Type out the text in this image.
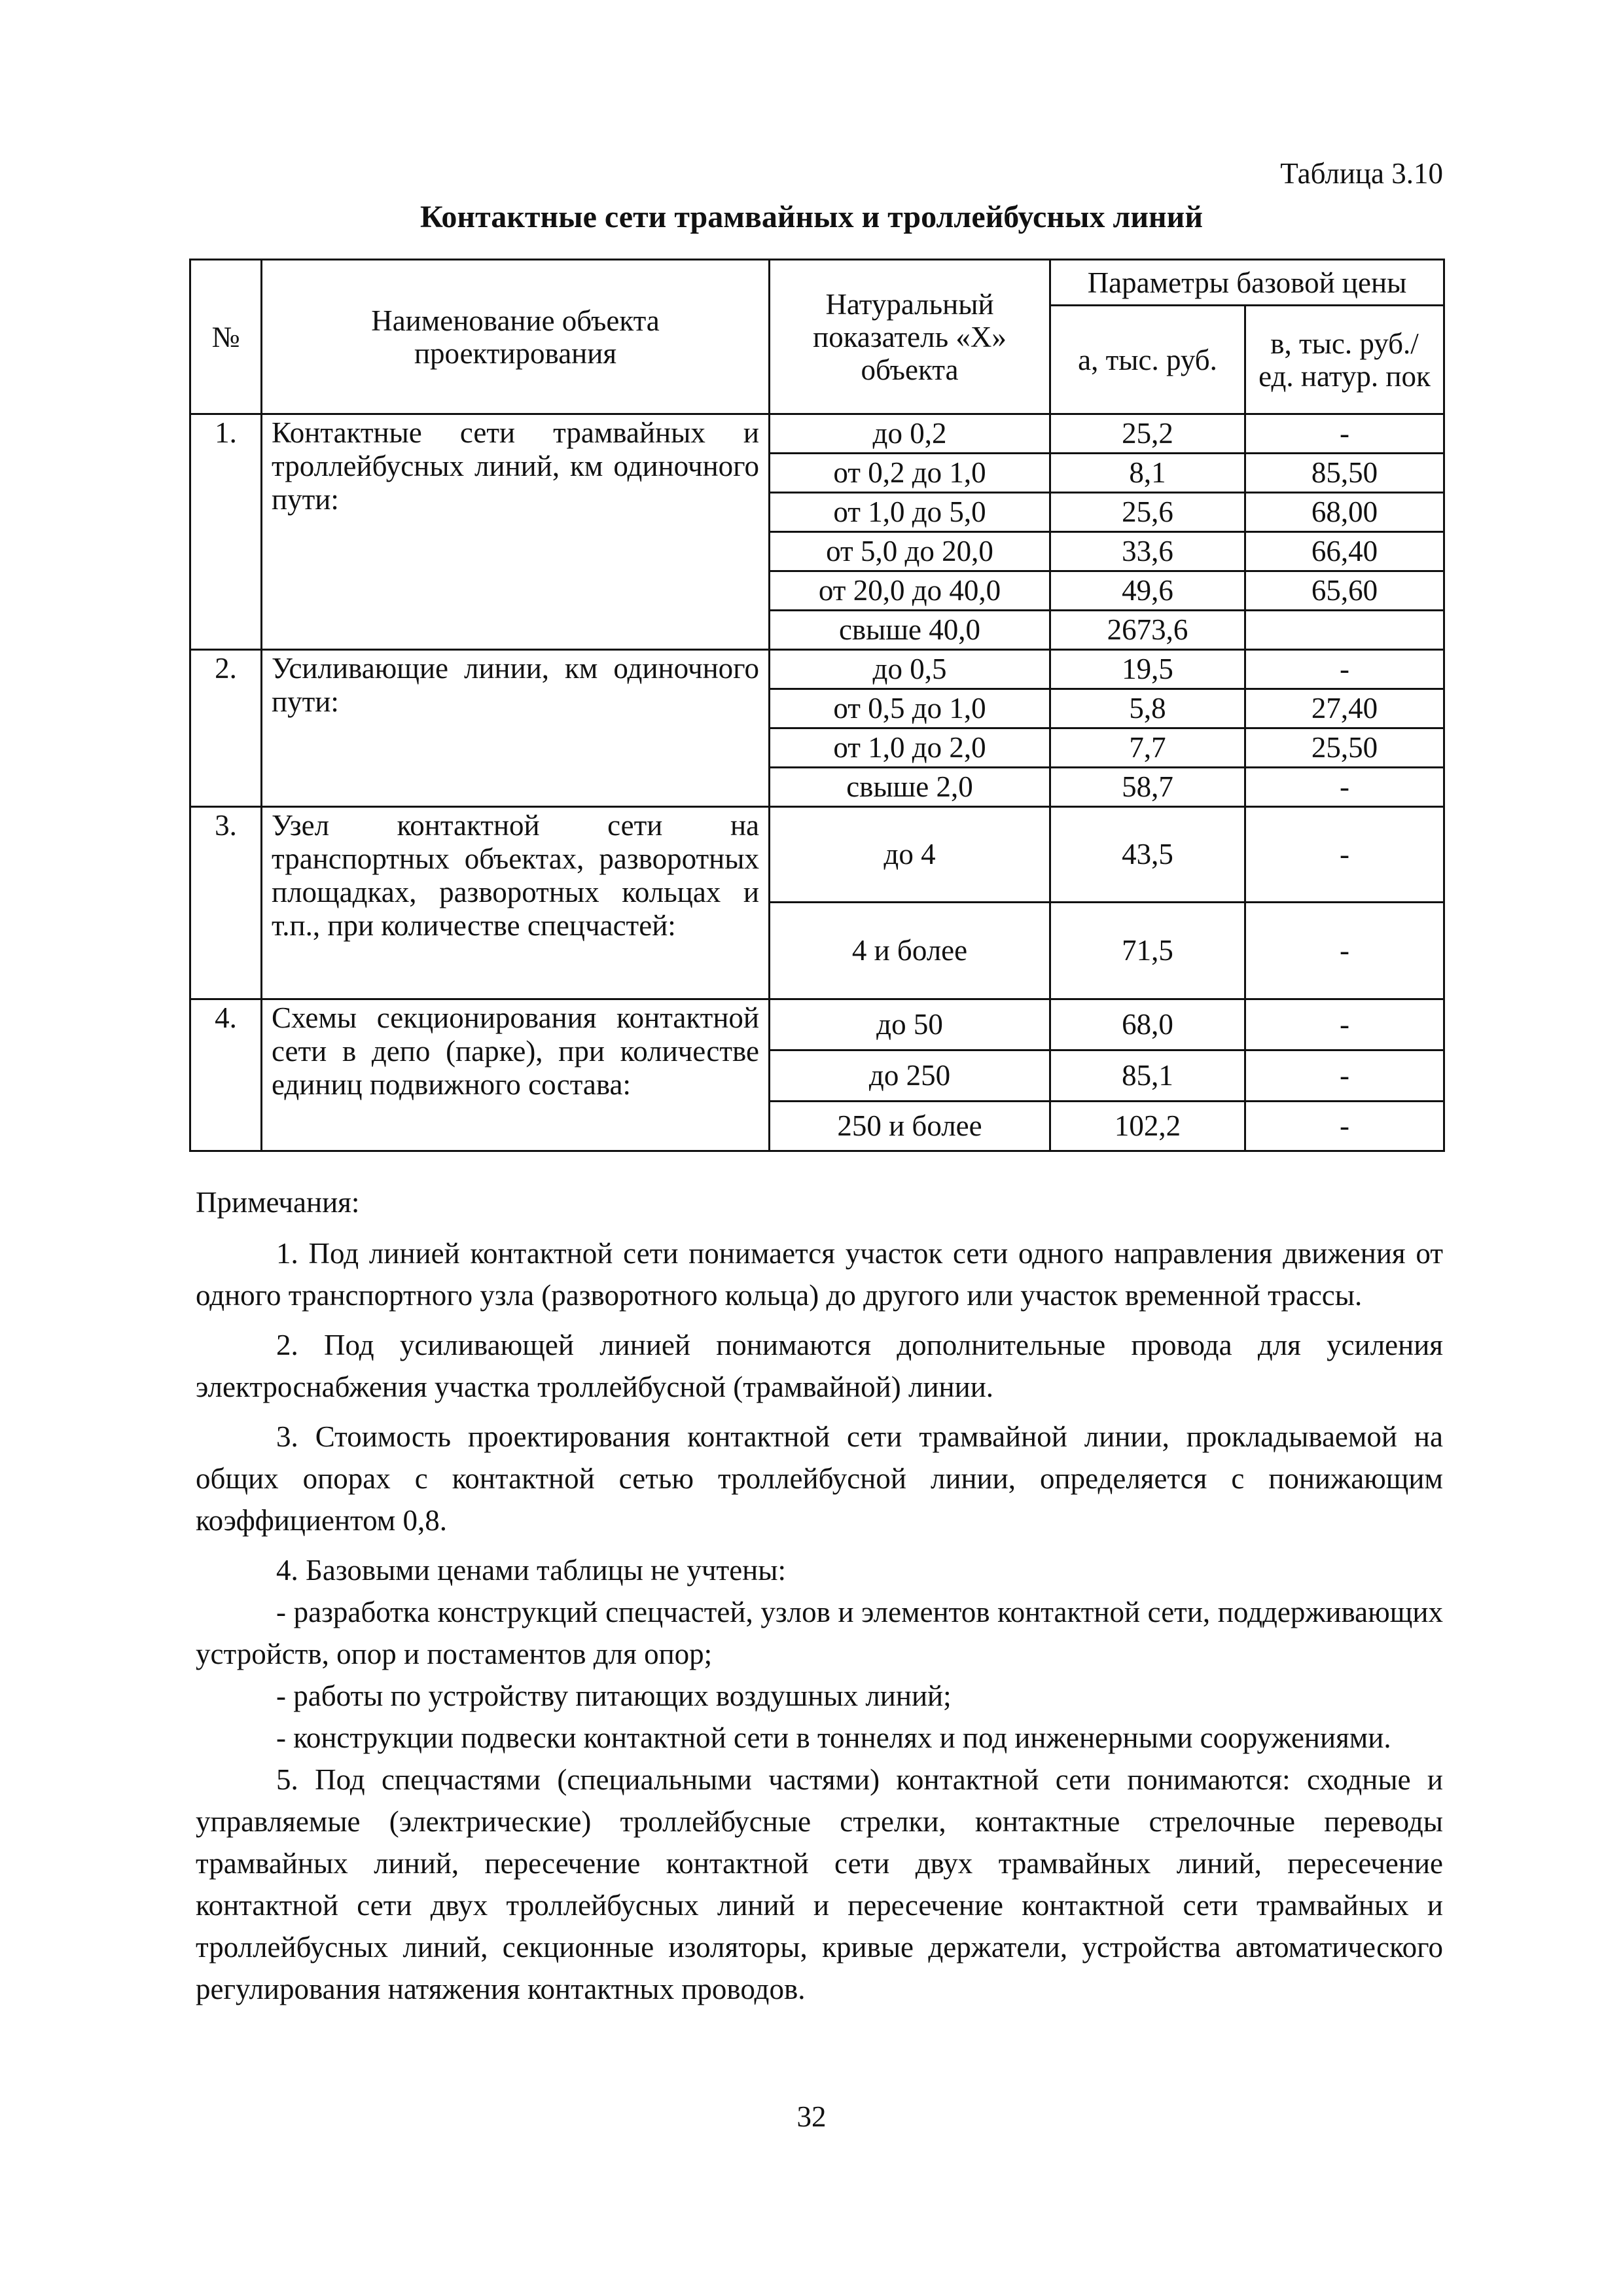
Таблица 3.10
Контактные сети трамвайных и троллейбусных линий
№	Наименование объекта проектирования	Натуральный показатель «Х» объекта	Параметры базовой цены	
			а, тыс. руб.	в, тыс. руб./ед. натур. пок
1.	Контактные сети трамвайных и троллейбусных линий, км одиночного пути:	до 0,2	25,2	-
		от 0,2 до 1,0	8,1	85,50
		от 1,0 до 5,0	25,6	68,00
		от 5,0 до 20,0	33,6	66,40
		от 20,0 до 40,0	49,6	65,60
		свыше 40,0	2673,6	
2.	Усиливающие линии, км одиночного пути:	до 0,5	19,5	-
		от 0,5 до 1,0	5,8	27,40
		от 1,0 до 2,0	7,7	25,50
		свыше 2,0	58,7	-
3.	Узел контактной сети на транспортных объектах, разворотных площадках, разворотных кольцах и т.п., при количестве спецчастей:	до 4	43,5	-
		4 и более	71,5	-
4.	Схемы секционирования контактной сети в депо (парке), при количестве единиц подвижного состава:	до 50	68,0	-
		до 250	85,1	-
		250 и более	102,2	-

Примечания:

1. Под линией контактной сети понимается участок сети одного направления движения от одного транспортного узла (разворотного кольца) до другого или участок временной трассы.

2. Под усиливающей линией понимаются дополнительные провода для усиления электроснабжения участка троллейбусной (трамвайной) линии.

3. Стоимость проектирования контактной сети трамвайной линии, прокладываемой на общих опорах с контактной сетью троллейбусной линии, определяется с понижающим коэффициентом 0,8.

4. Базовыми ценами таблицы не учтены:

- разработка конструкций спецчастей, узлов и элементов контактной сети, поддерживающих устройств, опор и постаментов для опор;

- работы по устройству питающих воздушных линий;

- конструкции подвески контактной сети в тоннелях и под инженерными сооружениями.

5. Под спецчастями (специальными частями) контактной сети понимаются: сходные и управляемые (электрические) троллейбусные стрелки, контактные стрелочные переводы трамвайных линий, пересечение контактной сети двух трамвайных линий, пересечение контактной сети двух троллейбусных линий и пересечение контактной сети трамвайных и троллейбусных линий, секционные изоляторы, кривые держатели, устройства автоматического регулирования натяжения контактных проводов.

32
